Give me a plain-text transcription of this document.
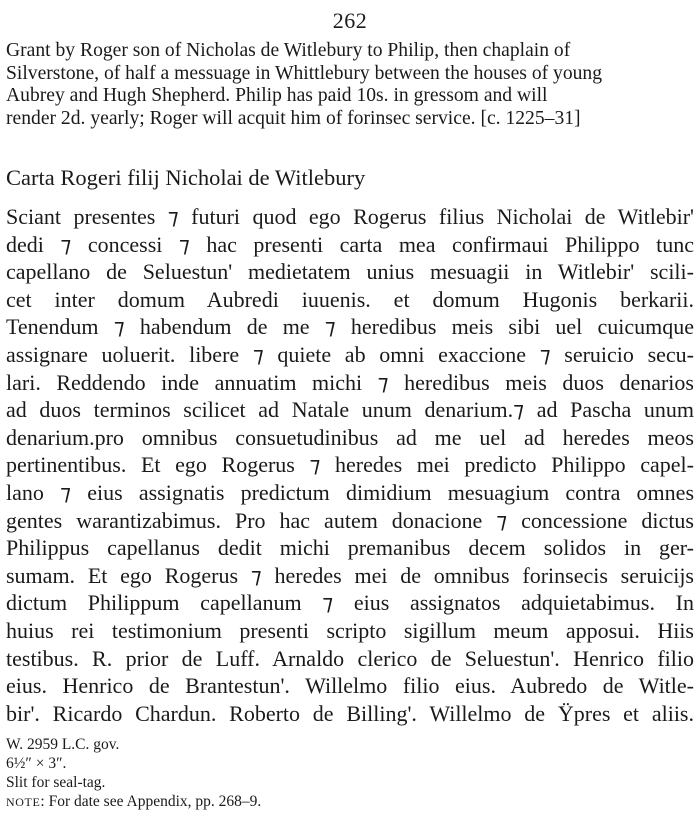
262

Grant by Roger son of Nicholas de Witlebury to Philip, then chaplain of

Silverstone, of half a messuage in Whittlebury between the houses of young

Aubrey and Hugh Shepherd. Philip has paid 10s. in gressom and will

render 2d. yearly; Roger will acquit him of forinsec service. [c. 1225–31]

Carta Rogeri filij Nicholai de Witlebury

Sciant presentes ⁊ futuri quod ego Rogerus filius Nicholai de Witlebir'

dedi ⁊ concessi ⁊ hac presenti carta mea confirmaui Philippo tunc

capellano de Seluestun' medietatem unius mesuagii in Witlebir' scili-

cet inter domum Aubredi iuuenis. et domum Hugonis berkarii.

Tenendum ⁊ habendum de me ⁊ heredibus meis sibi uel cuicumque

assignare uoluerit. libere ⁊ quiete ab omni exaccione ⁊ seruicio secu-

lari. Reddendo inde annuatim michi ⁊ heredibus meis duos denarios

ad duos terminos scilicet ad Natale unum denarium.⁊ ad Pascha unum

denarium.pro omnibus consuetudinibus ad me uel ad heredes meos

pertinentibus. Et ego Rogerus ⁊ heredes mei predicto Philippo capel-

lano ⁊ eius assignatis predictum dimidium mesuagium contra omnes

gentes warantizabimus. Pro hac autem donacione ⁊ concessione dictus

Philippus capellanus dedit michi premanibus decem solidos in ger-

sumam. Et ego Rogerus ⁊ heredes mei de omnibus forinsecis seruicijs

dictum Philippum capellanum ⁊ eius assignatos adquietabimus. In

huius rei testimonium presenti scripto sigillum meum apposui. Hiis

testibus. R. prior de Luff. Arnaldo clerico de Seluestun'. Henrico filio

eius. Henrico de Brantestun'. Willelmo filio eius. Aubredo de Witle-

bir'. Ricardo Chardun. Roberto de Billing'. Willelmo de Ÿpres et aliis.

W. 2959 L.C. gov.

6½″ × 3″.

Slit for seal-tag.

NOTE: For date see Appendix, pp. 268–9.
